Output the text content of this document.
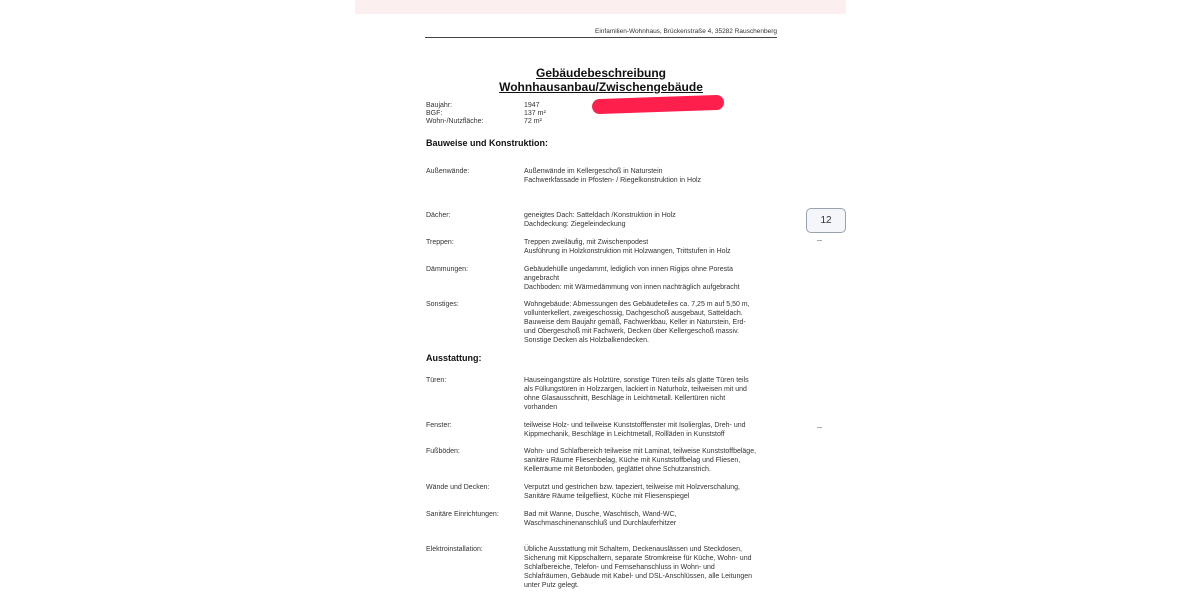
Einfamilien-Wohnhaus, Brückenstraße 4, 35282 Rauschenberg
Gebäudebeschreibung
Wohnhausanbau/Zwischengebäude
Baujahr:	1947
BGF:	137 m²
Wohn-/Nutzfläche:	72 m²
Bauweise und Konstruktion:
Außenwände:	Außenwände im Kellergeschoß in Naturstein
Fachwerkfassade in Pfosten- / Riegelkonstruktion in Holz
Dächer:	geneigtes Dach: Satteldach /Konstruktion in Holz
Dachdeckung: Ziegeleindeckung
Treppen:	Treppen zweiläufig, mit Zwischenpodest
Ausführung in Holzkonstruktion mit Holzwangen, Trittstufen in Holz
Dämmungen:	Gebäudehülle ungedammt, lediglich von innen Rigips ohne Poresta
angebracht
Dachboden: mit Wärmedämmung von innen nachträglich aufgebracht
Sonstiges:	Wohngebäude: Abmessungen des Gebäudeteiles ca. 7,25 m auf 5,50 m,
vollunterkellert, zweigeschossig, Dachgeschoß ausgebaut, Satteldach.
Bauweise dem Baujahr gemäß, Fachwerkbau, Keller in Naturstein, Erd-
und Obergeschoß mit Fachwerk, Decken über Kellergeschoß massiv.
Sonstige Decken als Holzbalkendecken.
Ausstattung:
Türen:	Hauseingangstüre als Holztüre, sonstige Türen teils als glatte Türen teils
als Füllungstüren in Holzzargen, lackiert in Naturholz, teilweisen mit und
ohne Glasausschnitt, Beschläge in Leichtmetall. Kellertüren nicht
vorhanden
Fenster:	teilweise Holz- und teilweise Kunststofffenster mit Isolierglas, Dreh- und
Kippmechanik, Beschläge in Leichtmetall, Rollläden in Kunststoff
Fußböden:	Wohn- und Schlafbereich teilweise mit Laminat, teilweise Kunststoffbeläge,
sanitäre Räume Fliesenbelag, Küche mit Kunststoffbelag und Fliesen,
Kellerräume mit Betonboden, geglättet ohne Schutzanstrich.
Wände und Decken:	Verputzt und gestrichen bzw. tapeziert, teilweise mit Holzverschalung,
Sanitäre Räume teilgefliest, Küche mit Fliesenspiegel
Sanitäre Einrichtungen:	Bad mit Wanne, Dusche, Waschtisch, Wand-WC,
Waschmaschinenanschluß und Durchlauferhitzer
Elektroinstallation:	Übliche Ausstattung mit Schaltern, Deckenauslässen und Steckdosen,
Sicherung mit Kippschaltern, separate Stromkreise für Küche, Wohn- und
Schlafbereiche, Telefon- und Fernsehanschluss in Wohn- und
Schlafräumen, Gebäude mit Kabel- und DSL-Anschlüssen, alle Leitungen
unter Putz gelegt.
12
